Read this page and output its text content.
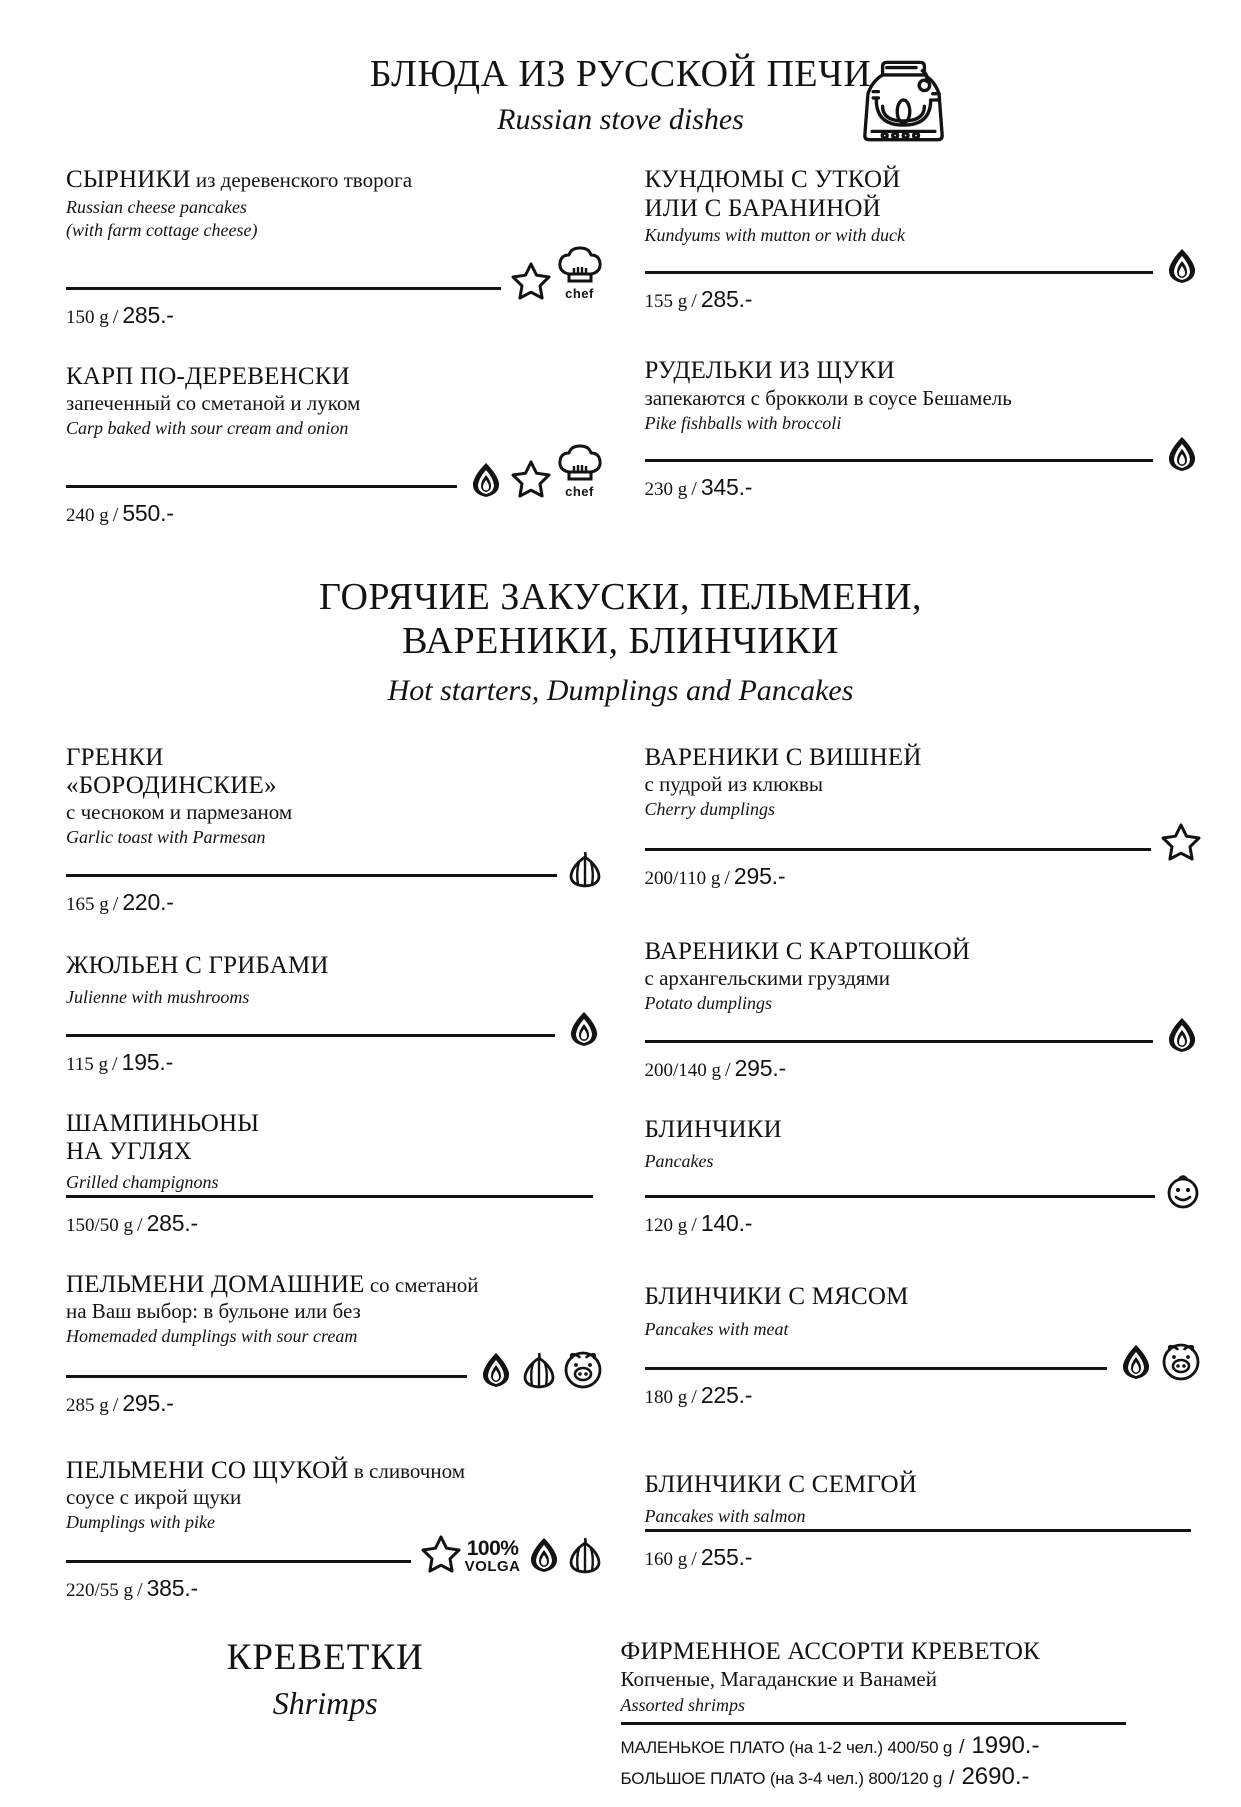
БЛЮДА ИЗ РУССКОЙ ПЕЧИ
Russian stove dishes
СЫРНИКИ из деревенского творога
Russian cheese pancakes
(with farm cottage cheese)
chef
150 g / 285.-
КАРП ПО-ДЕРЕВЕНСКИ
запеченный со сметаной и луком
Carp baked with sour cream and onion
chef
240 g / 550.-
КУНДЮМЫ С УТКОЙ
ИЛИ С БАРАНИНОЙ
Kundyums with mutton or with duck
155 g / 285.-
РУДЕЛЬКИ ИЗ ЩУКИ
запекаются с брокколи в соусе Бешамель
Pike fishballs with broccoli
230 g / 345.-
ГОРЯЧИЕ ЗАКУСКИ, ПЕЛЬМЕНИ,
ВАРЕНИКИ, БЛИНЧИКИ
Hot starters, Dumplings and Pancakes
ГРЕНКИ
«БОРОДИНСКИЕ»
с чесноком и пармезаном
Garlic toast with Parmesan
165 g / 220.-
ЖЮЛЬЕН С ГРИБАМИ
Julienne with mushrooms
115 g / 195.-
ШАМПИНЬОНЫ
НА УГЛЯХ
Grilled champignons
150/50 g / 285.-
ПЕЛЬМЕНИ ДОМАШНИЕ со сметаной
на Ваш выбор: в бульоне или без
Homemaded dumplings with sour cream
285 g / 295.-
ПЕЛЬМЕНИ СО ЩУКОЙ в сливочном
соусе с икрой щуки
Dumplings with pike
100%
VOLGA
220/55 g / 385.-
ВАРЕНИКИ С ВИШНЕЙ
с пудрой из клюквы
Cherry dumplings
200/110 g / 295.-
ВАРЕНИКИ С КАРТОШКОЙ
с архангельскими груздями
Potato dumplings
200/140 g / 295.-
БЛИНЧИКИ
Pancakes
120 g / 140.-
БЛИНЧИКИ С МЯСОМ
Pancakes with meat
180 g / 225.-
БЛИНЧИКИ С СЕМГОЙ
Pancakes with salmon
160 g / 255.-
КРЕВЕТКИ
Shrimps
ФИРМЕННОЕ АССОРТИ КРЕВЕТОК
Копченые, Магаданские и Ванамей
Assorted shrimps
МАЛЕНЬКОЕ ПЛАТО (на 1-2 чел.) 400/50 g / 1990.-
БОЛЬШОЕ ПЛАТО (на 3-4 чел.) 800/120 g / 2690.-
